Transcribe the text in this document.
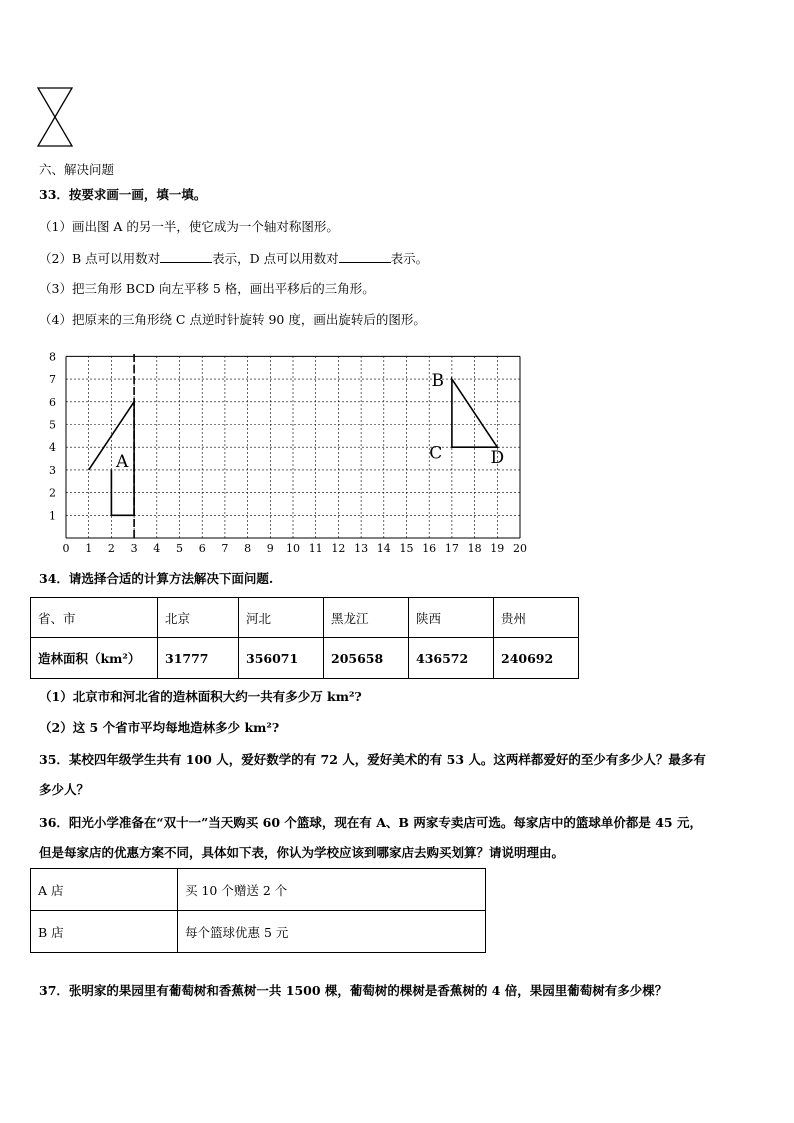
六、解决问题
33．按要求画一画，填一填。
（1）画出图 A 的另一半，使它成为一个轴对称图形。
（2）B 点可以用数对	表示，D 点可以用数对	表示。
（3）把三角形 BCD 向左平移 5 格，画出平移后的三角形。
（4）把原来的三角形绕 C 点逆时针旋转 90 度，画出旋转后的图形。
0 1 2 3 4 5 6 7 8 9 10 11 12 13 14 15 16 17 18 19 20
1
2
3
4
5
6
7
8
A
B
C	D
34．请选择合适的计算方法解决下面问题.
省、市	北京	河北	黑龙江	陕西	贵州
造林面积（km²）	31777	356071	205658	436572	240692
（1）北京市和河北省的造林面积大约一共有多少万 km²?
（2）这 5 个省市平均每地造林多少 km²?
35．某校四年级学生共有 100 人，爱好数学的有 72 人，爱好美术的有 53 人。这两样都爱好的至少有多少人？最多有
多少人？
36．阳光小学准备在“双十一”当天购买 60 个篮球，现在有 A、B 两家专卖店可选。每家店中的篮球单价都是 45 元，
但是每家店的优惠方案不同，具体如下表，你认为学校应该到哪家店去购买划算？请说明理由。
A 店	买 10 个赠送 2 个
B 店	每个篮球优惠 5 元
37．张明家的果园里有葡萄树和香蕉树一共 1500 棵，葡萄树的棵树是香蕉树的 4 倍，果园里葡萄树有多少棵？
